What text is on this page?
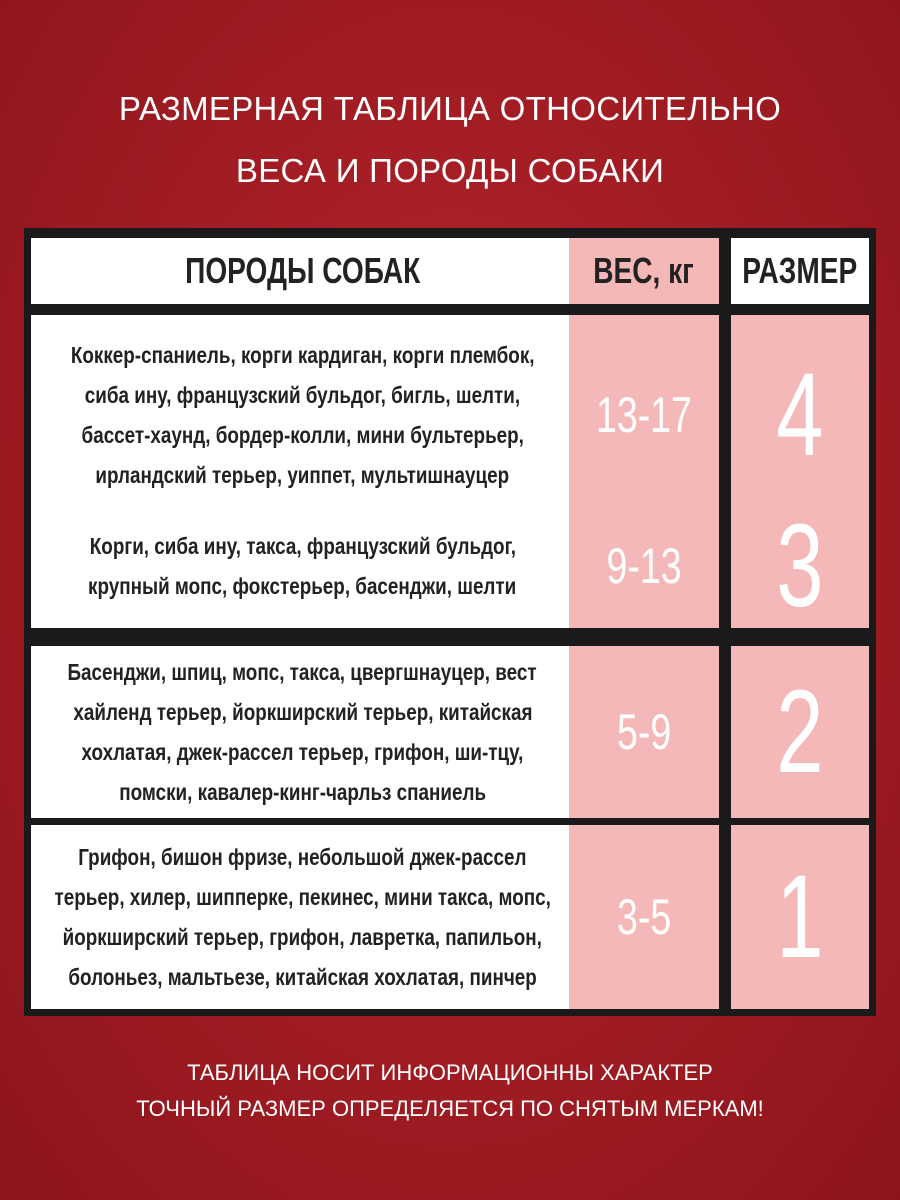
РАЗМЕРНАЯ ТАБЛИЦА ОТНОСИТЕЛЬНО
ВЕСА И ПОРОДЫ СОБАКИ
ПОРОДЫ СОБАК	ВЕС, кг РАЗМЕР
Коккер-спаниель, корги кардиган, корги плембок,
сиба ину, французский бульдог, бигль, шелти,
бассет-хаунд, бордер-колли, мини бультерьер,
ирландский терьер, уиппет, мультишнауцер
13-17 4
Корги, сиба ину, такса, французский бульдог,
крупный мопс, фокстерьер, басенджи, шелти 9-13 3
Басенджи, шпиц, мопс, такса, цвергшнауцер, вест
хайленд терьер, йоркширский терьер, китайская
хохлатая, джек-рассел терьер, грифон, ши-тцу,
помски, кавалер-кинг-чарльз спаниель
5-9 2
Грифон, бишон фризе, небольшой джек-рассел
терьер, хилер, шипперке, пекинес, мини такса, мопс,
йоркширский терьер, грифон, лавретка, папильон,
болоньез, мальтьезе, китайская хохлатая, пинчер
3-5 1
ТАБЛИЦА НОСИТ ИНФОРМАЦИОННЫ ХАРАКТЕР
ТОЧНЫЙ РАЗМЕР ОПРЕДЕЛЯЕТСЯ ПО СНЯТЫМ МЕРКАМ!
